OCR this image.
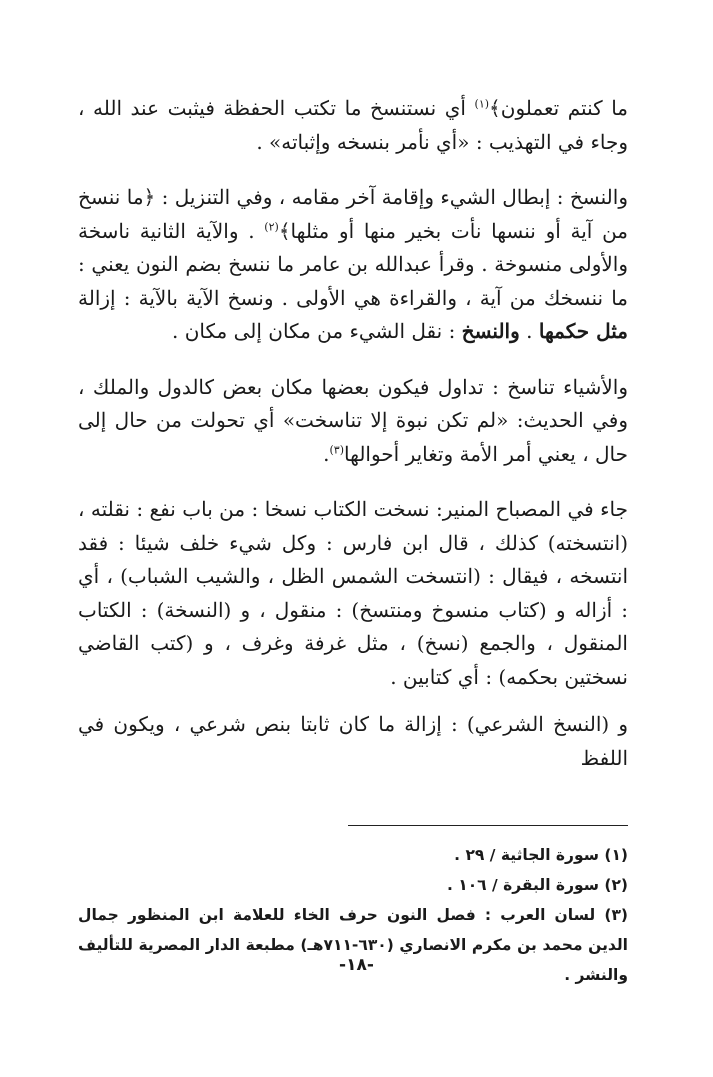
ما كنتم تعملون﴾$^{(١)}$ أي نستنسخ ما تكتب الحفظة فيثبت عند الله ، وجاء في التهذيب : «أي نأمر بنسخه وإثباته» .

والنسخ : إبطال الشيء وإقامة آخر مقامه ، وفي التنزيل : ﴿ما ننسخ من آية أو ننسها نأت بخير منها أو مثلها﴾$^{(٢)}$ . والآية الثانية ناسخة والأولى منسوخة . وقرأ عبدالله بن عامر ما ننسخ بضم النون يعني : ما ننسخك من آية ، والقراءة هي الأولى . ونسخ الآية بالآية : إزالة مثل حكمها . والنسخ : نقل الشيء من مكان إلى مكان .

والأشياء تناسخ : تداول فيكون بعضها مكان بعض كالدول والملك ، وفي الحديث: «لم تكن نبوة إلا تناسخت» أي تحولت من حال إلى حال ، يعني أمر الأمة وتغاير أحوالها$^{(٣)}$.

جاء في المصباح المنير: نسخت الكتاب نسخا : من باب نفع : نقلته ، (انتسخته) كذلك ، قال ابن فارس : وكل شيء خلف شيئا : فقد انتسخه ، فيقال : (انتسخت الشمس الظل ، والشيب الشباب) ، أي : أزاله و (كتاب منسوخ ومنتسخ) : منقول ، و (النسخة) : الكتاب المنقول ، والجمع (نسخ) ، مثل غرفة وغرف ، و (كتب القاضي نسختين بحكمه) : أي كتابين .

و (النسخ الشرعي) : إزالة ما كان ثابتا بنص شرعي ، ويكون في اللفظ

(١) سورة الجاثية / ٢٩ .

(٢) سورة البقرة / ١٠٦ .

(٣) لسان العرب : فصل النون حرف الخاء للعلامة ابن المنظور جمال الدين محمد بن مكرم الانصاري (٦٣٠-٧١١هـ) مطبعة الدار المصرية للتأليف والنشر .

-١٨-
